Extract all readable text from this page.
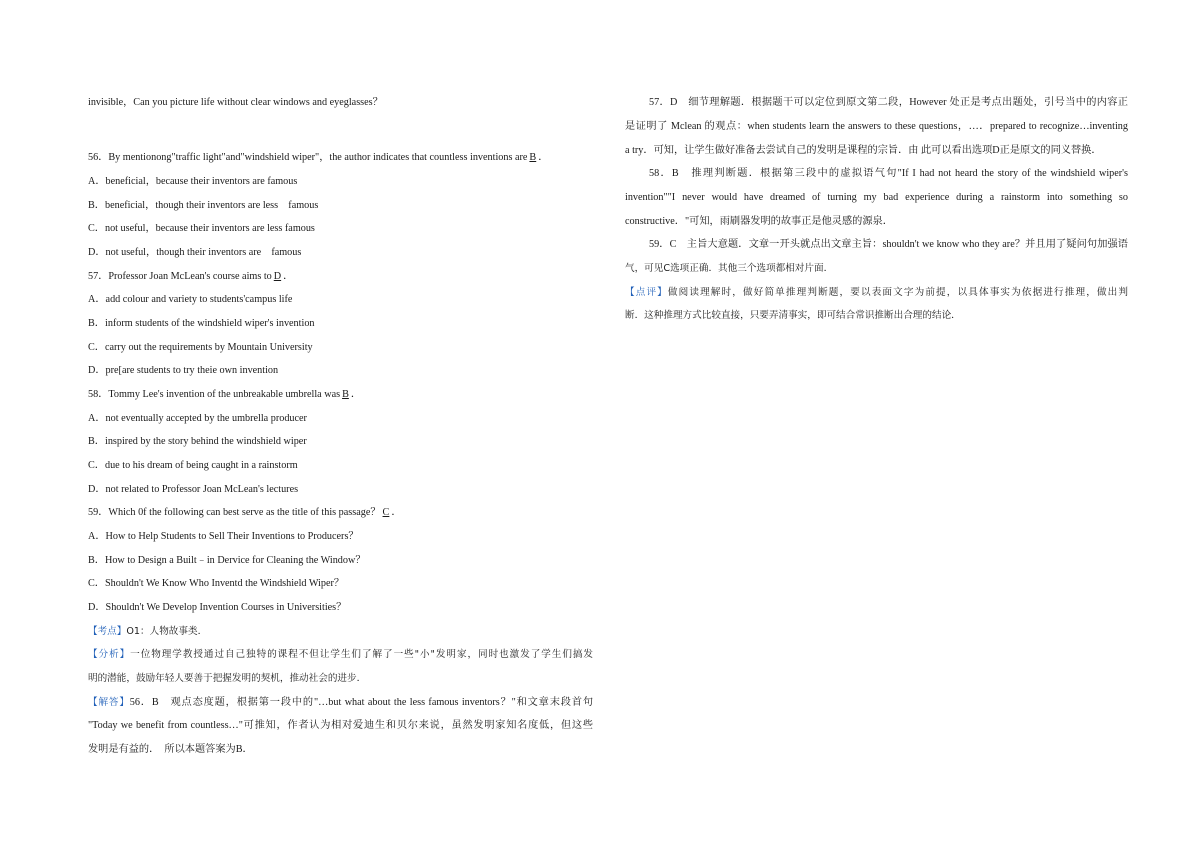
invisible，Can you picture life without clear windows and eyeglasses？
56．By mentionong"traffic light"and"windshield wiper"，the author indicates that countless inventions are B ．
A．beneficial，because their inventors are famous
B．beneficial，though their inventors are less　famous
C．not useful，because their inventors are less famous
D．not useful，though their inventors are　famous
57．Professor Joan McLean's course aims to D ．
A．add colour and variety to students'campus life
B．inform students of the windshield wiper's invention
C．carry out the requirements by Mountain University
D．pre[are students to try theie own invention
58．Tommy Lee's invention of the unbreakable umbrella was B ．
A．not eventually accepted by the umbrella producer
B．inspired by the story behind the windshield wiper
C．due to his dream of being caught in a rainstorm
D．not related to Professor Joan McLean's lectures
59．Which 0f the following can best serve as the title of this passage？ C ．
A．How to Help Students to Sell Their Inventions to Producers？
B．How to Design a Built﹣in Dervice for Cleaning the Window？
C．Shouldn't We Know Who Inventd the Windshield Wiper？
D．Shouldn't We Develop Invention Courses in Universities？
【考点】O1：人物故事类．
【分析】一位物理学教授通过自己独特的课程不但让学生们了解了一些"小"发明家，同时也激发了学生们搞发
明的潜能，鼓励年轻人要善于把握发明的契机，推动社会的进步．
【解答】56．B　观点态度题，根据第一段中的"…but what about the less famous inventors？"和文章末段首句
"Today we benefit from countless…"可推知，作者认为相对爱迪生和贝尔来说，虽然发明家知名度低，但这些
发明是有益的．　所以本题答案为B．
57．D　细节理解题．根据题干可以定位到原文第二段，However 处正是考点出题处，引号当中的内容正
是证明了 Mclean 的观点：when students learn the answers to these questions，…．prepared to recognize…inventing
a try．可知，让学生做好准备去尝试自己的发明是课程的宗旨．由 此可以看出选项D正是原文的同义替换．
58．B　推理判断题．根据第三段中的虚拟语气句"If I had not heard the story of the windshield wiper's
invention""I never would have dreamed of turning my bad experience during a rainstorm into something so
constructive．"可知，雨刷器发明的故事正是他灵感的源泉．
59．C　主旨大意题．文章一开头就点出文章主旨：shouldn't we know who they are？并且用了疑问句加强语
气，可见C选项正确．其他三个选项都相对片面．
【点评】做阅读理解时，做好简单推理判断题，要以表面文字为前提，以具体事实为依据进行推理，做出判
断．这种推理方式比较直接，只要弄清事实，即可结合常识推断出合理的结论．
